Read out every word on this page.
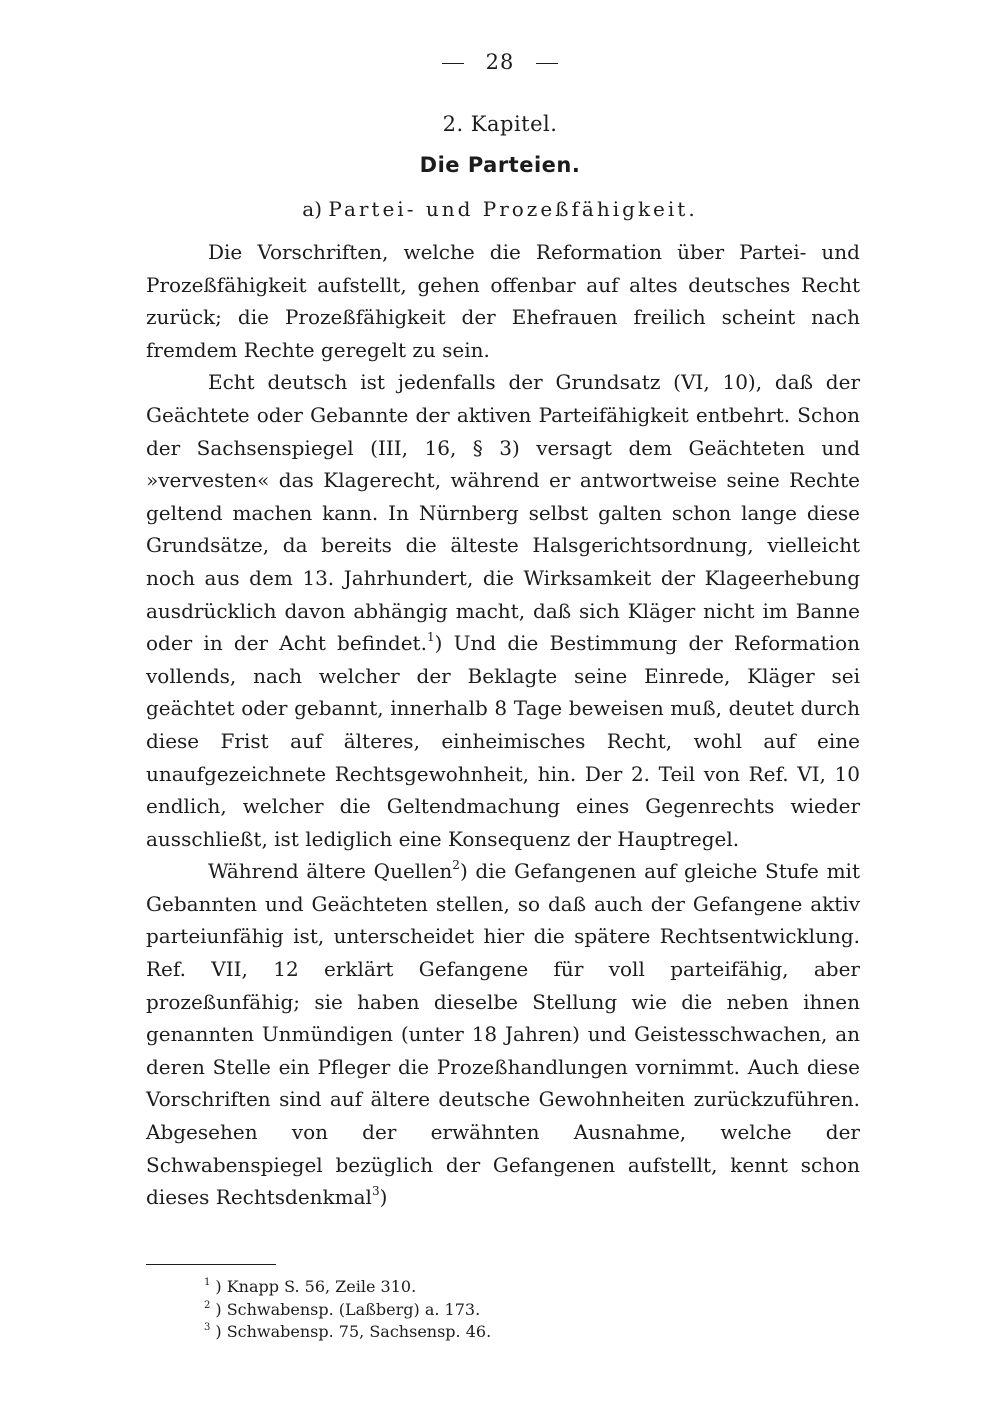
28
2. Kapitel.
Die Parteien.
a) Partei- und Prozeßfähigkeit.

Die Vorschriften, welche die Reformation über Partei- und Prozeßfähigkeit aufstellt, gehen offenbar auf altes deutsches Recht zurück; die Prozeßfähigkeit der Ehefrauen freilich scheint nach fremdem Rechte geregelt zu sein.

Echt deutsch ist jedenfalls der Grundsatz (VI, 10), daß der Geächtete oder Gebannte der aktiven Parteifähigkeit entbehrt. Schon der Sachsenspiegel (III, 16, § 3) versagt dem Geächteten und »vervesten« das Klagerecht, während er antwortweise seine Rechte geltend machen kann. In Nürnberg selbst galten schon lange diese Grundsätze, da bereits die älteste Halsgerichtsordnung, vielleicht noch aus dem 13. Jahrhundert, die Wirksamkeit der Klageerhebung ausdrücklich davon abhängig macht, daß sich Kläger nicht im Banne oder in der Acht befindet.$^1$) Und die Bestimmung der Reformation vollends, nach welcher der Beklagte seine Einrede, Kläger sei geächtet oder gebannt, innerhalb 8 Tage beweisen muß, deutet durch diese Frist auf älteres, einheimisches Recht, wohl auf eine unaufgezeichnete Rechtsgewohnheit, hin. Der 2. Teil von Ref. VI, 10 endlich, welcher die Geltendmachung eines Gegenrechts wieder ausschließt, ist lediglich eine Konsequenz der Hauptregel.

Während ältere Quellen$^2$) die Gefangenen auf gleiche Stufe mit Gebannten und Geächteten stellen, so daß auch der Gefangene aktiv parteiunfähig ist, unterscheidet hier die spätere Rechtsentwicklung. Ref. VII, 12 erklärt Gefangene für voll parteifähig, aber prozeßunfähig; sie haben dieselbe Stellung wie die neben ihnen genannten Unmündigen (unter 18 Jahren) und Geistesschwachen, an deren Stelle ein Pfleger die Prozeßhandlungen vornimmt. Auch diese Vorschriften sind auf ältere deutsche Gewohnheiten zurückzuführen. Abgesehen von der erwähnten Ausnahme, welche der Schwabenspiegel bezüglich der Gefangenen aufstellt, kennt schon dieses Rechtsdenkmal$^3$)

$^1$ ) Knapp S. 56, Zeile 310.
$^2$ ) Schwabensp. (Laßberg) a. 173.
$^3$ ) Schwabensp. 75, Sachsensp. 46.
